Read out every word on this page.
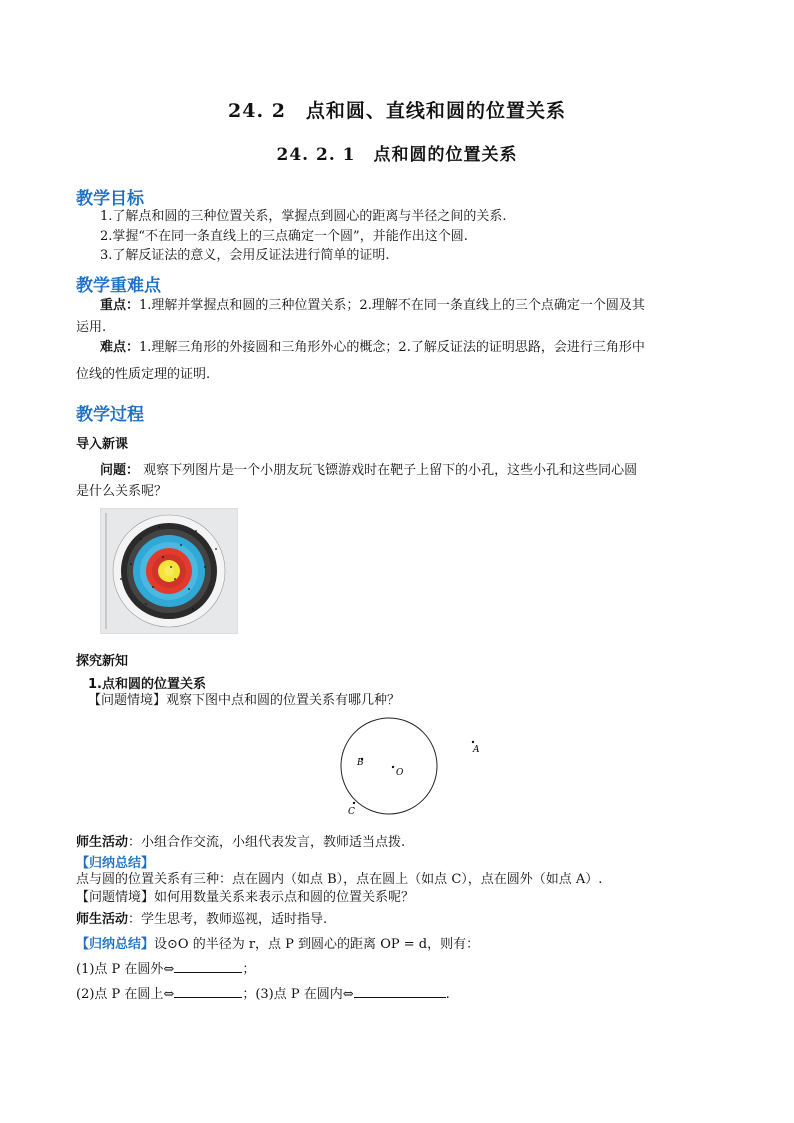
24. 2　点和圆、直线和圆的位置关系
24. 2. 1　点和圆的位置关系
教学目标
1.了解点和圆的三种位置关系，掌握点到圆心的距离与半径之间的关系.
2.掌握“不在同一条直线上的三点确定一个圆”，并能作出这个圆.
3.了解反证法的意义，会用反证法进行简单的证明.
教学重难点
重点：1.理解并掌握点和圆的三种位置关系；2.理解不在同一条直线上的三个点确定一个圆及其
运用.
难点：1.理解三角形的外接圆和三角形外心的概念；2.了解反证法的证明思路，会进行三角形中
位线的性质定理的证明.
教学过程
导入新课
问题： 观察下列图片是一个小朋友玩飞镖游戏时在靶子上留下的小孔，这些小孔和这些同心圆
是什么关系呢？
探究新知
1.点和圆的位置关系
【问题情境】观察下图中点和圆的位置关系有哪几种？
B
O
C
A
师生活动：小组合作交流，小组代表发言，教师适当点拨.
【归纳总结】
点与圆的位置关系有三种：点在圆内（如点 B），点在圆上（如点 C），点在圆外（如点 A）.
【问题情境】如何用数量关系来表示点和圆的位置关系呢？
师生活动：学生思考，教师巡视，适时指导.
【归纳总结】设⊙O 的半径为 r，点 P 到圆心的距离 OP = d，则有：
(1)点 P 在圆外⇔	；
(2)点 P 在圆上⇔	；(3)点 P 在圆内⇔	.
